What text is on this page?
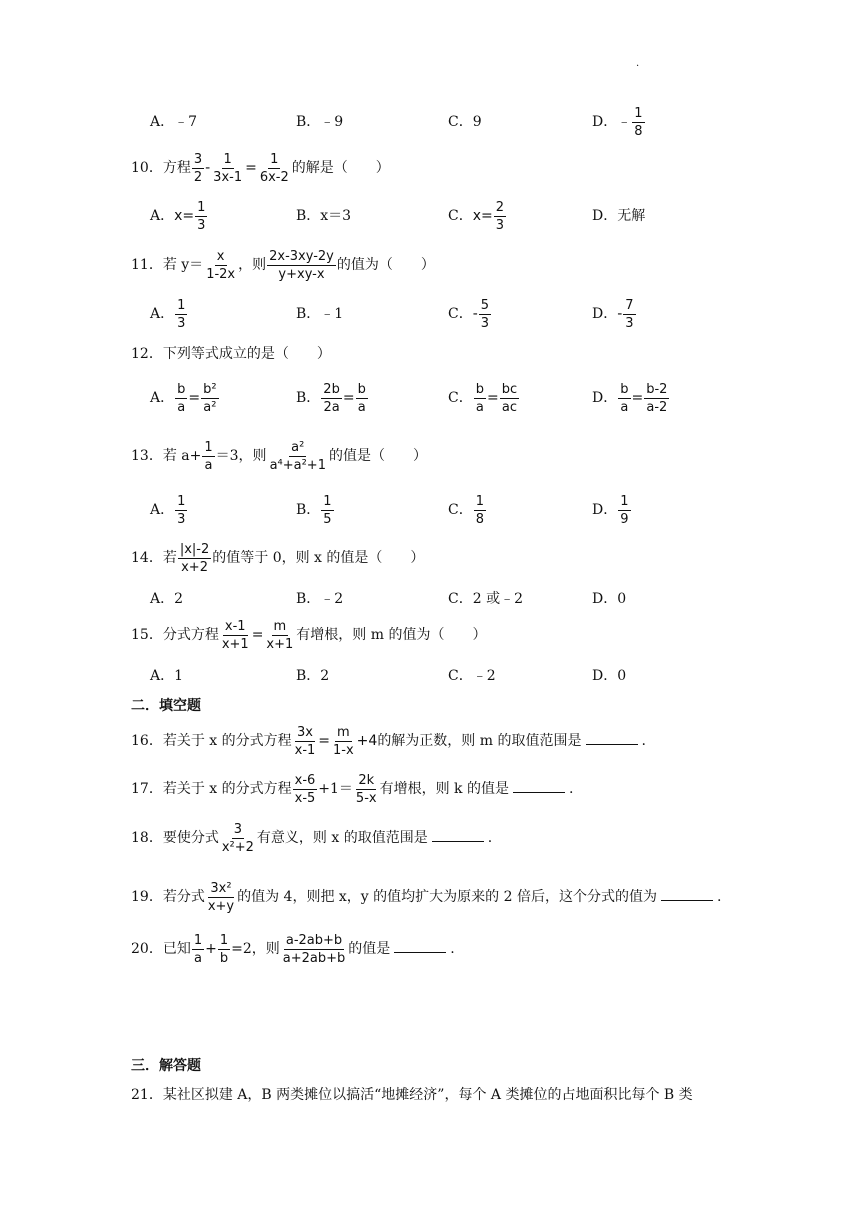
.
A．﹣7	B．﹣9	C．9	D．﹣ $\frac{1}{8}$
10．方程 $\frac{3}{2} - \frac{1}{3x-1} = \frac{1}{6x-2}$ 的解是（　　）
A．$x= \frac{1}{3}$	B．x＝3	C．$x= \frac{2}{3}$	D．无解
11．若 $y= \frac{x}{1-2x}$ ，则 $\frac{2x-3xy-2y}{y+xy-x}$ 的值为（　　）
A． $\frac{1}{3}$	B．﹣1	C．- $\frac{5}{3}$	D．- $\frac{7}{3}$
12．下列等式成立的是（　　）
A． $\frac{b}{a} = \frac{\text{b²}}{\text{a²}}$	B． $\frac{2b}{2a} = \frac{b}{a}$	C． $\frac{b}{a} = \frac{bc}{ac}$	D． $\frac{b}{a} = \frac{b-2}{a-2}$
13．若 $a+ \frac{1}{a} =3$，则 $\frac{\text{a²}}{\text{a⁴+a²+1}}$ 的值是（　　）
A． $\frac{1}{3}$	B． $\frac{1}{5}$	C． $\frac{1}{8}$	D． $\frac{1}{9}$
14．若 $\frac{|x|-2}{x+2}$ 的值等于 0，则 x 的值是（　　）
A．2	B．﹣2	C．2 或﹣2	D．0
15．分式方程 $\frac{x-1}{x+1} = \frac{m}{x+1}$ 有增根，则 m 的值为（　　）
A．1	B．2	C．﹣2	D．0
二．填空题
16．若关于 x 的分式方程 $\frac{3x}{x-1} = \frac{m}{1-x} +4$的解为正数，则 m 的取值范围是	.
17．若关于 x 的分式方程 $\frac{x-6}{x-5} +1= \frac{2k}{5-x}$ 有增根，则 k 的值是	.
18．要使分式 $\frac{3}{\text{x²+2}}$ 有意义，则 x 的取值范围是	.
19．若分式 $\frac{\text{3x²}}{x+y}$ 的值为 4，则把 x，y 的值均扩大为原来的 2 倍后，这个分式的值为	.
20．已知 $\frac{1}{a} + \frac{1}{b} =2$，则 $\frac{a-2ab+b}{a+2ab+b}$ 的值是	.
三．解答题
21．某社区拟建 A，B 两类摊位以搞活“地摊经济”，每个 A 类摊位的占地面积比每个 B 类
